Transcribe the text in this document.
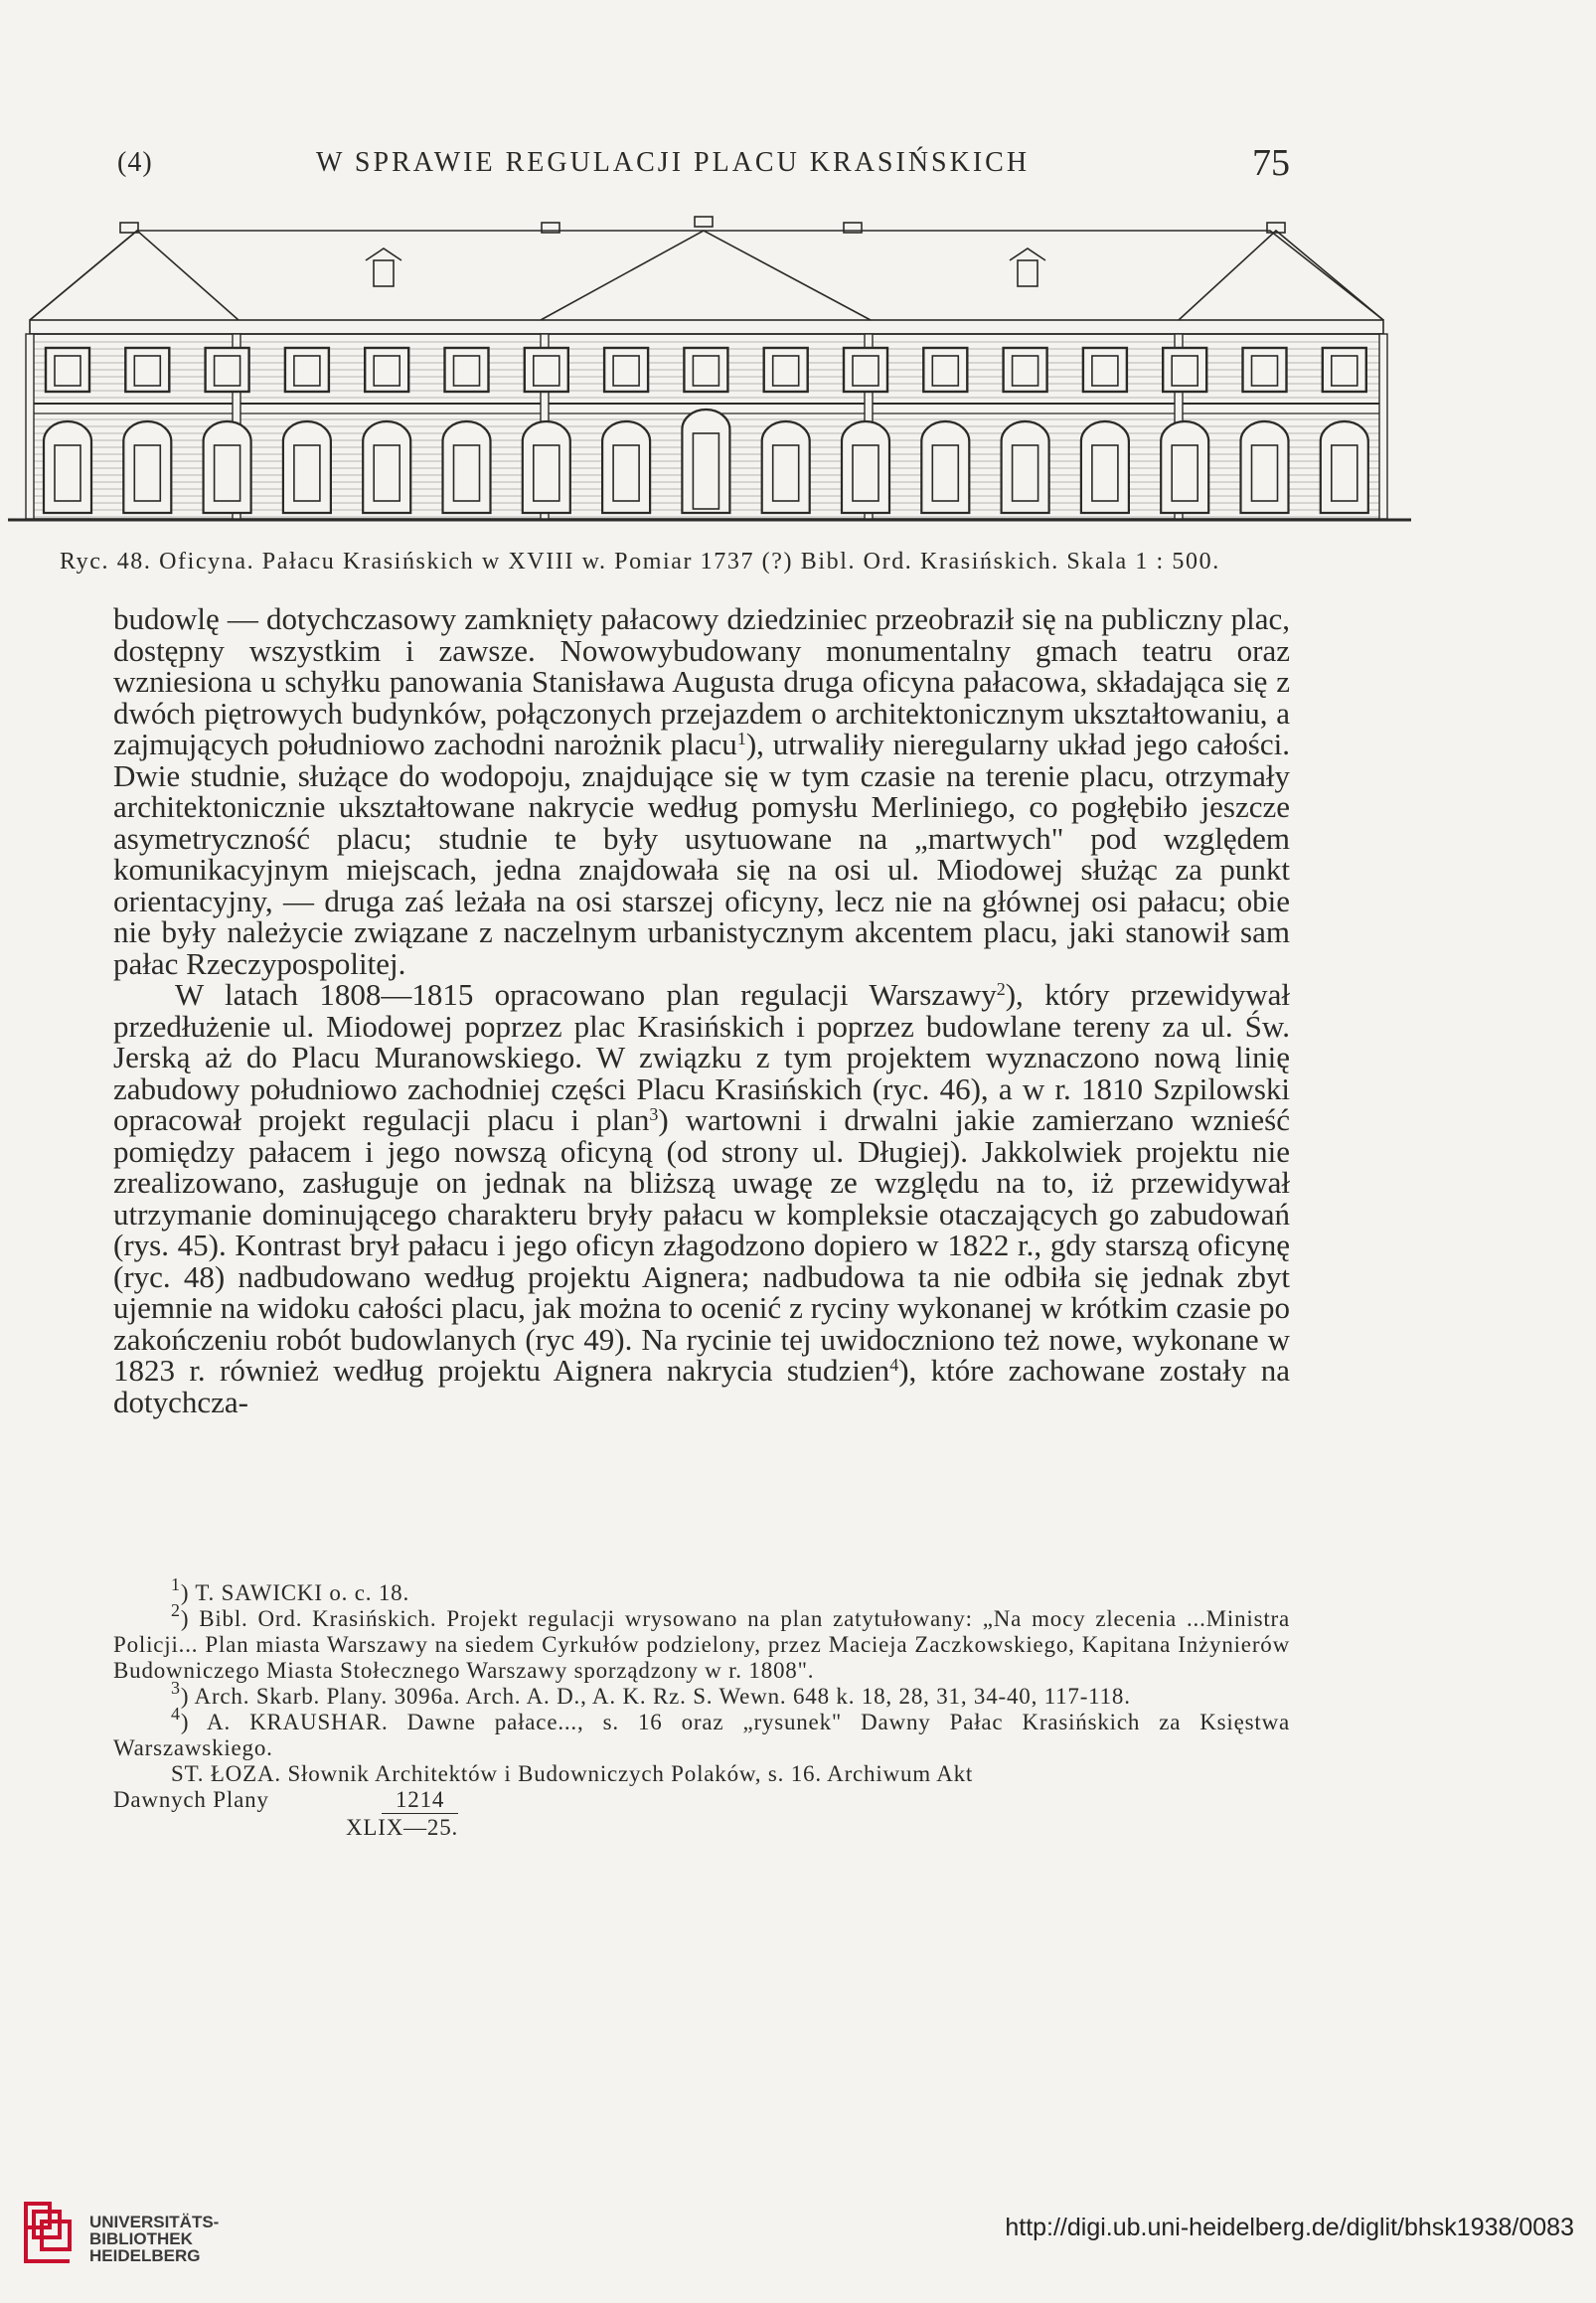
(4)	W SPRAWIE REGULACJI PLACU KRASIŃSKICH	75
Ryc. 48. Oficyna. Pałacu Krasińskich w XVIII w. Pomiar 1737 (?) Bibl. Ord. Krasińskich. Skala 1 : 500.

budowlę — dotychczasowy zamknięty pałacowy dziedziniec przeobraził się na publiczny plac, dostępny wszystkim i zawsze. Nowowybudowany monumentalny gmach teatru oraz wzniesiona u schyłku panowania Stanisława Augusta druga oficyna pałacowa, składająca się z dwóch piętrowych budynków, połączonych przejazdem o architektonicznym ukształtowaniu, a zajmujących południowo zachodni narożnik placu$^1$), utrwaliły nieregularny układ jego całości. Dwie studnie, służące do wodopoju, znajdujące się w tym czasie na terenie placu, otrzymały architektonicznie ukształtowane nakrycie według pomysłu Merliniego, co pogłębiło jeszcze asymetryczność placu; studnie te były usytuowane na „martwych" pod względem komunikacyjnym miejscach, jedna znajdowała się na osi ul. Miodowej służąc za punkt orientacyjny, — druga zaś leżała na osi starszej oficyny, lecz nie na głównej osi pałacu; obie nie były należycie związane z naczelnym urbanistycznym akcentem placu, jaki stanowił sam pałac Rzeczypospolitej.

W latach 1808—1815 opracowano plan regulacji Warszawy$^2$), który przewidywał przedłużenie ul. Miodowej poprzez plac Krasińskich i poprzez budowlane tereny za ul. Św. Jerską aż do Placu Muranowskiego. W związku z tym projektem wyznaczono nową linię zabudowy południowo zachodniej części Placu Krasińskich (ryc. 46), a w r. 1810 Szpilowski opracował projekt regulacji placu i plan$^3$) wartowni i drwalni jakie zamierzano wznieść pomiędzy pałacem i jego nowszą oficyną (od strony ul. Długiej). Jakkolwiek projektu nie zrealizowano, zasługuje on jednak na bliższą uwagę ze względu na to, iż przewidywał utrzymanie dominującego charakteru bryły pałacu w kompleksie otaczających go zabudowań (rys. 45). Kontrast brył pałacu i jego oficyn złagodzono dopiero w 1822 r., gdy starszą oficynę (ryc. 48) nadbudowano według projektu Aignera; nadbudowa ta nie odbiła się jednak zbyt ujemnie na widoku całości placu, jak można to ocenić z ryciny wykonanej w krótkim czasie po zakończeniu robót budowlanych (ryc 49). Na rycinie tej uwidoczniono też nowe, wykonane w 1823 r. również według projektu Aignera nakrycia studzien$^4$), które zachowane zostały na dotychcza-

$^1$) T. SAWICKI o. c. 18.

$^2$) Bibl. Ord. Krasińskich. Projekt regulacji wrysowano na plan zatytułowany: „Na mocy zlecenia ...Ministra Policji... Plan miasta Warszawy na siedem Cyrkułów podzielony, przez Macieja Zaczkowskiego, Kapitana Inżynierów Budowniczego Miasta Stołecznego Warszawy sporządzony w r. 1808".

$^3$) Arch. Skarb. Plany. 3096a. Arch. A. D., A. K. Rz. S. Wewn. 648 k. 18, 28, 31, 34-40, 117-118.

$^4$) A. KRAUSHAR. Dawne pałace..., s. 16 oraz „rysunek" Dawny Pałac Krasińskich za Księstwa Warszawskiego.

ST. ŁOZA. Słownik Architektów i Budowniczych Polaków, s. 16. Archiwum Akt

Dawnych Plany	1214
XLIX—25.
UNIVERSITÄTS-
BIBLIOTHEK
HEIDELBERG
http://digi.ub.uni-heidelberg.de/diglit/bhsk1938/0083
